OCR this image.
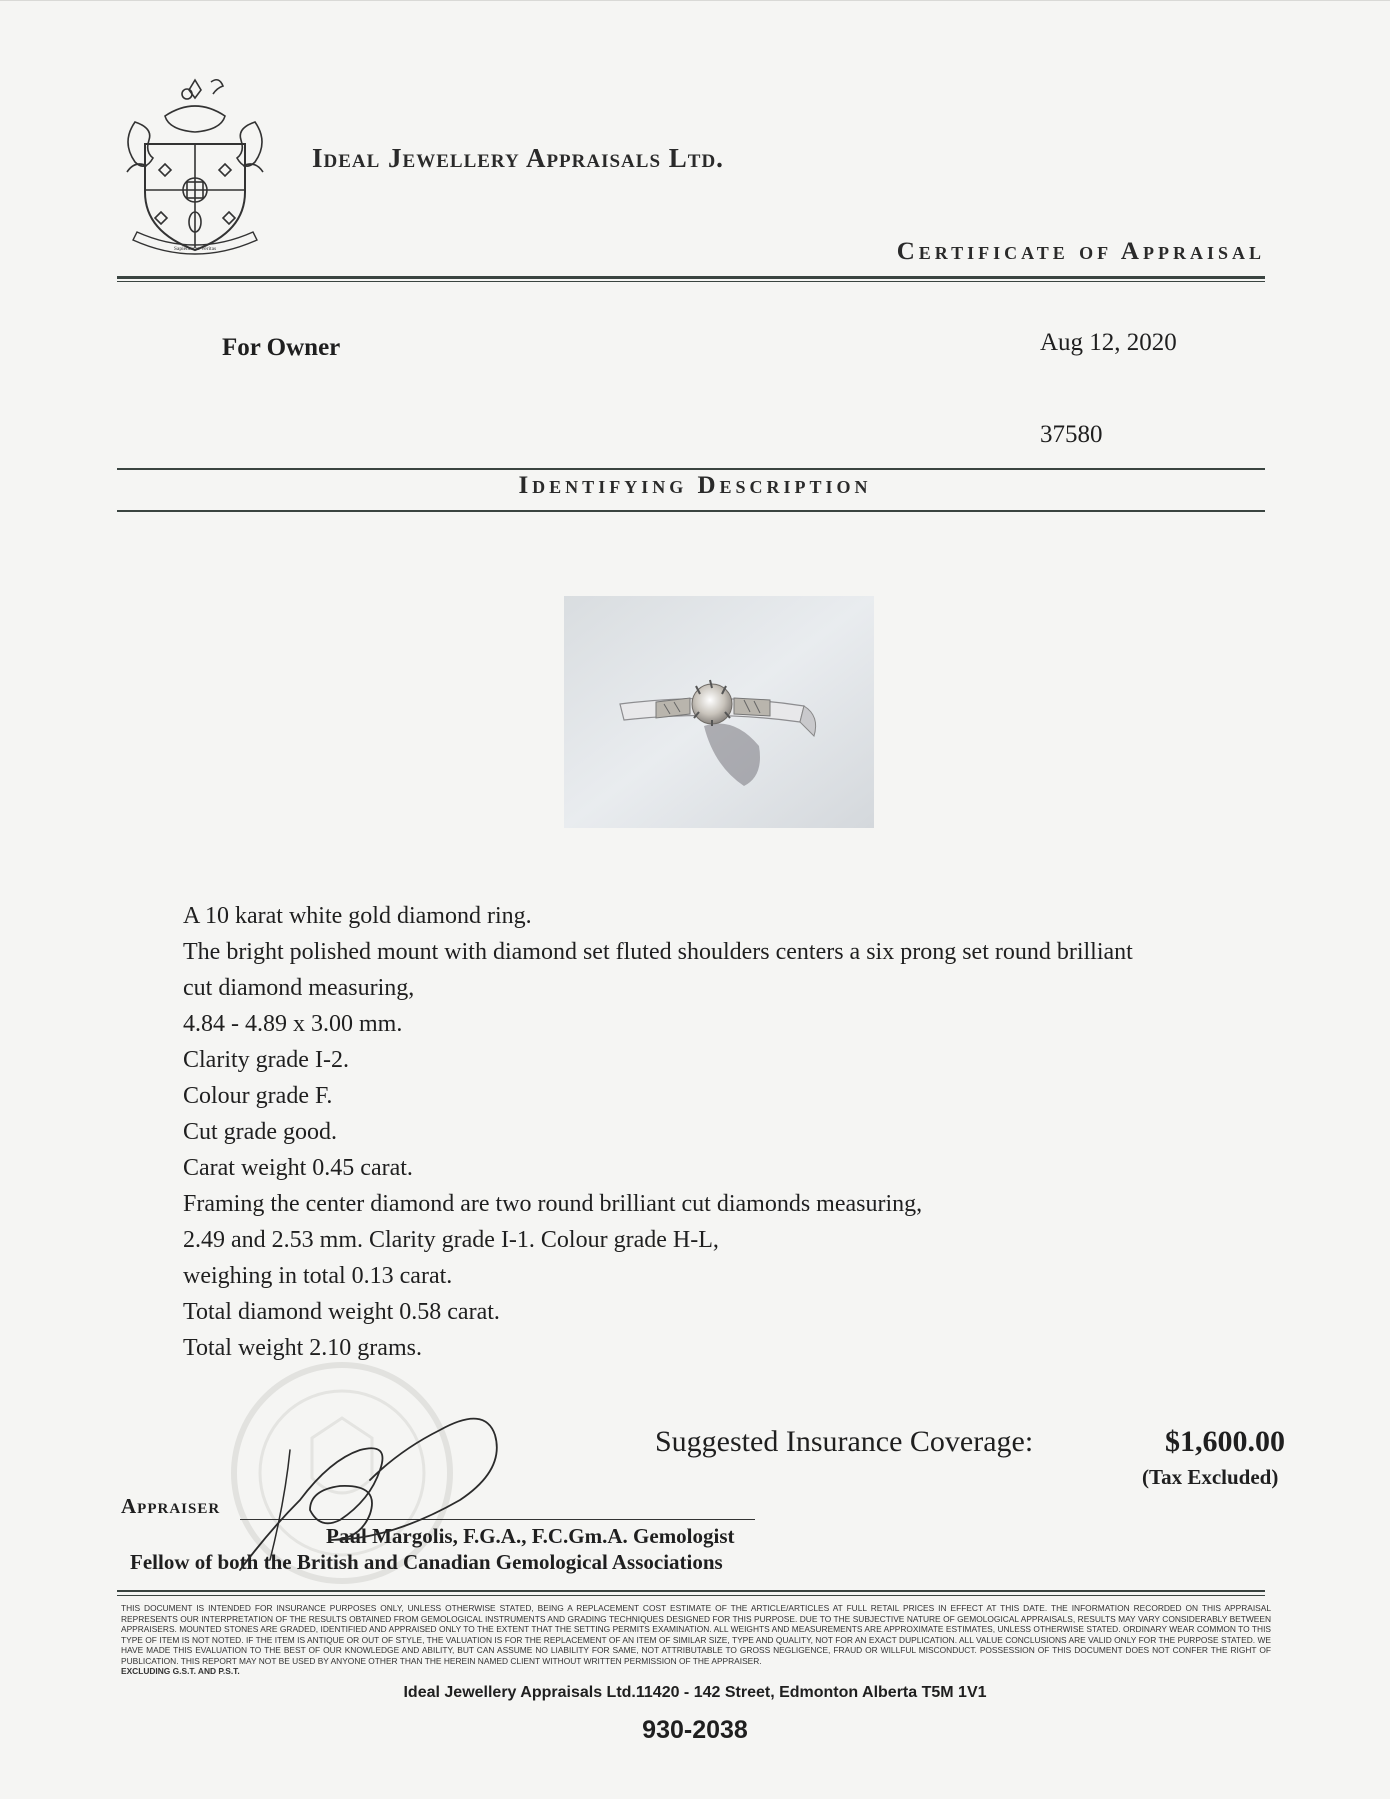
Sapientia et Veritas
Ideal Jewellery Appraisals Ltd.
Certificate of Appraisal
For Owner	Aug 12, 2020
37580
Identifying Description
A 10 karat white gold diamond ring.
The bright polished mount with diamond set fluted shoulders centers a six prong set round brilliant
cut diamond measuring,
4.84 - 4.89 x 3.00 mm.
Clarity grade I-2.
Colour grade F.
Cut grade good.
Carat weight 0.45 carat.
Framing the center diamond are two round brilliant cut diamonds measuring,
2.49 and 2.53 mm. Clarity grade I-1. Colour grade H-L,
weighing in total 0.13 carat.
Total diamond weight 0.58 carat.
Total weight 2.10 grams.
Suggested Insurance Coverage:	$1,600.00
(Tax Excluded)
Appraiser
Paul Margolis, F.G.A., F.C.Gm.A. Gemologist
Fellow of both the British and Canadian Gemological Associations
THIS DOCUMENT IS INTENDED FOR INSURANCE PURPOSES ONLY, UNLESS OTHERWISE STATED, BEING A REPLACEMENT COST ESTIMATE OF THE ARTICLE/ARTICLES AT FULL RETAIL PRICES IN EFFECT AT THIS DATE. THE INFORMATION RECORDED ON THIS APPRAISAL REPRESENTS OUR INTERPRETATION OF THE RESULTS OBTAINED FROM GEMOLOGICAL INSTRUMENTS AND GRADING TECHNIQUES DESIGNED FOR THIS PURPOSE. DUE TO THE SUBJECTIVE NATURE OF GEMOLOGICAL APPRAISALS, RESULTS MAY VARY CONSIDERABLY BETWEEN APPRAISERS. MOUNTED STONES ARE GRADED, IDENTIFIED AND APPRAISED ONLY TO THE EXTENT THAT THE SETTING PERMITS EXAMINATION. ALL WEIGHTS AND MEASUREMENTS ARE APPROXIMATE ESTIMATES, UNLESS OTHERWISE STATED. ORDINARY WEAR COMMON TO THIS TYPE OF ITEM IS NOT NOTED. IF THE ITEM IS ANTIQUE OR OUT OF STYLE, THE VALUATION IS FOR THE REPLACEMENT OF AN ITEM OF SIMILAR SIZE, TYPE AND QUALITY, NOT FOR AN EXACT DUPLICATION. ALL VALUE CONCLUSIONS ARE VALID ONLY FOR THE PURPOSE STATED. WE HAVE MADE THIS EVALUATION TO THE BEST OF OUR KNOWLEDGE AND ABILITY, BUT CAN ASSUME NO LIABILITY FOR SAME, NOT ATTRIBUTABLE TO GROSS NEGLIGENCE, FRAUD OR WILLFUL MISCONDUCT. POSSESSION OF THIS DOCUMENT DOES NOT CONFER THE RIGHT OF PUBLICATION. THIS REPORT MAY NOT BE USED BY ANYONE OTHER THAN THE HEREIN NAMED CLIENT WITHOUT WRITTEN PERMISSION OF THE APPRAISER.
EXCLUDING G.S.T. AND P.S.T.
Ideal Jewellery Appraisals Ltd.11420 - 142 Street, Edmonton Alberta T5M 1V1
930-2038
